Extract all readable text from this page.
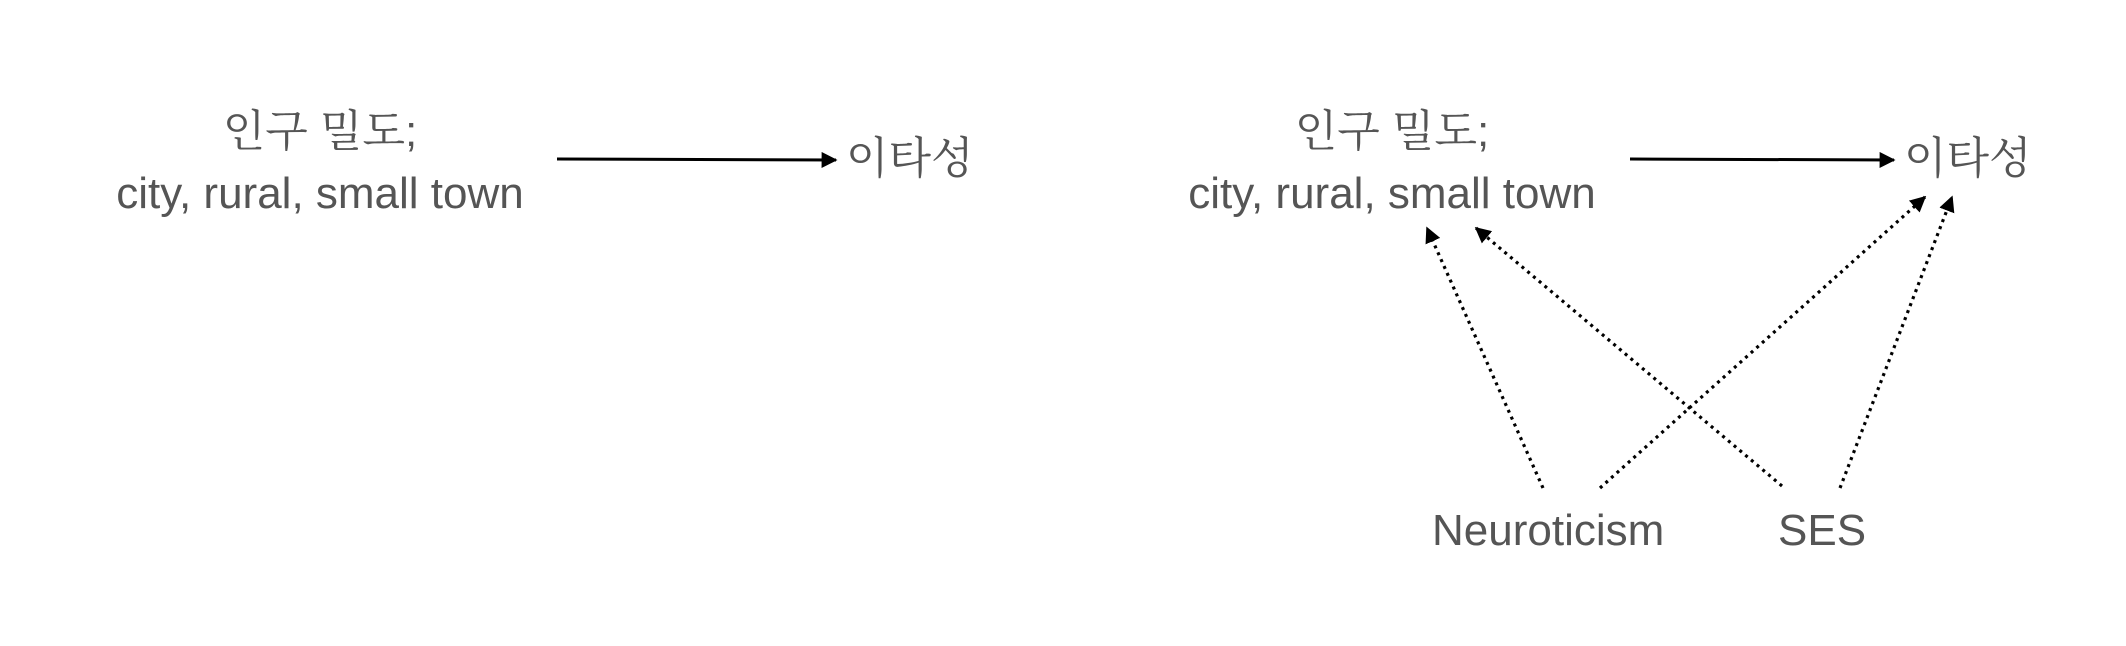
인구 밀도;
city, rural, small town
이타성
인구 밀도;
city, rural, small town
이타성
Neuroticism	SES
